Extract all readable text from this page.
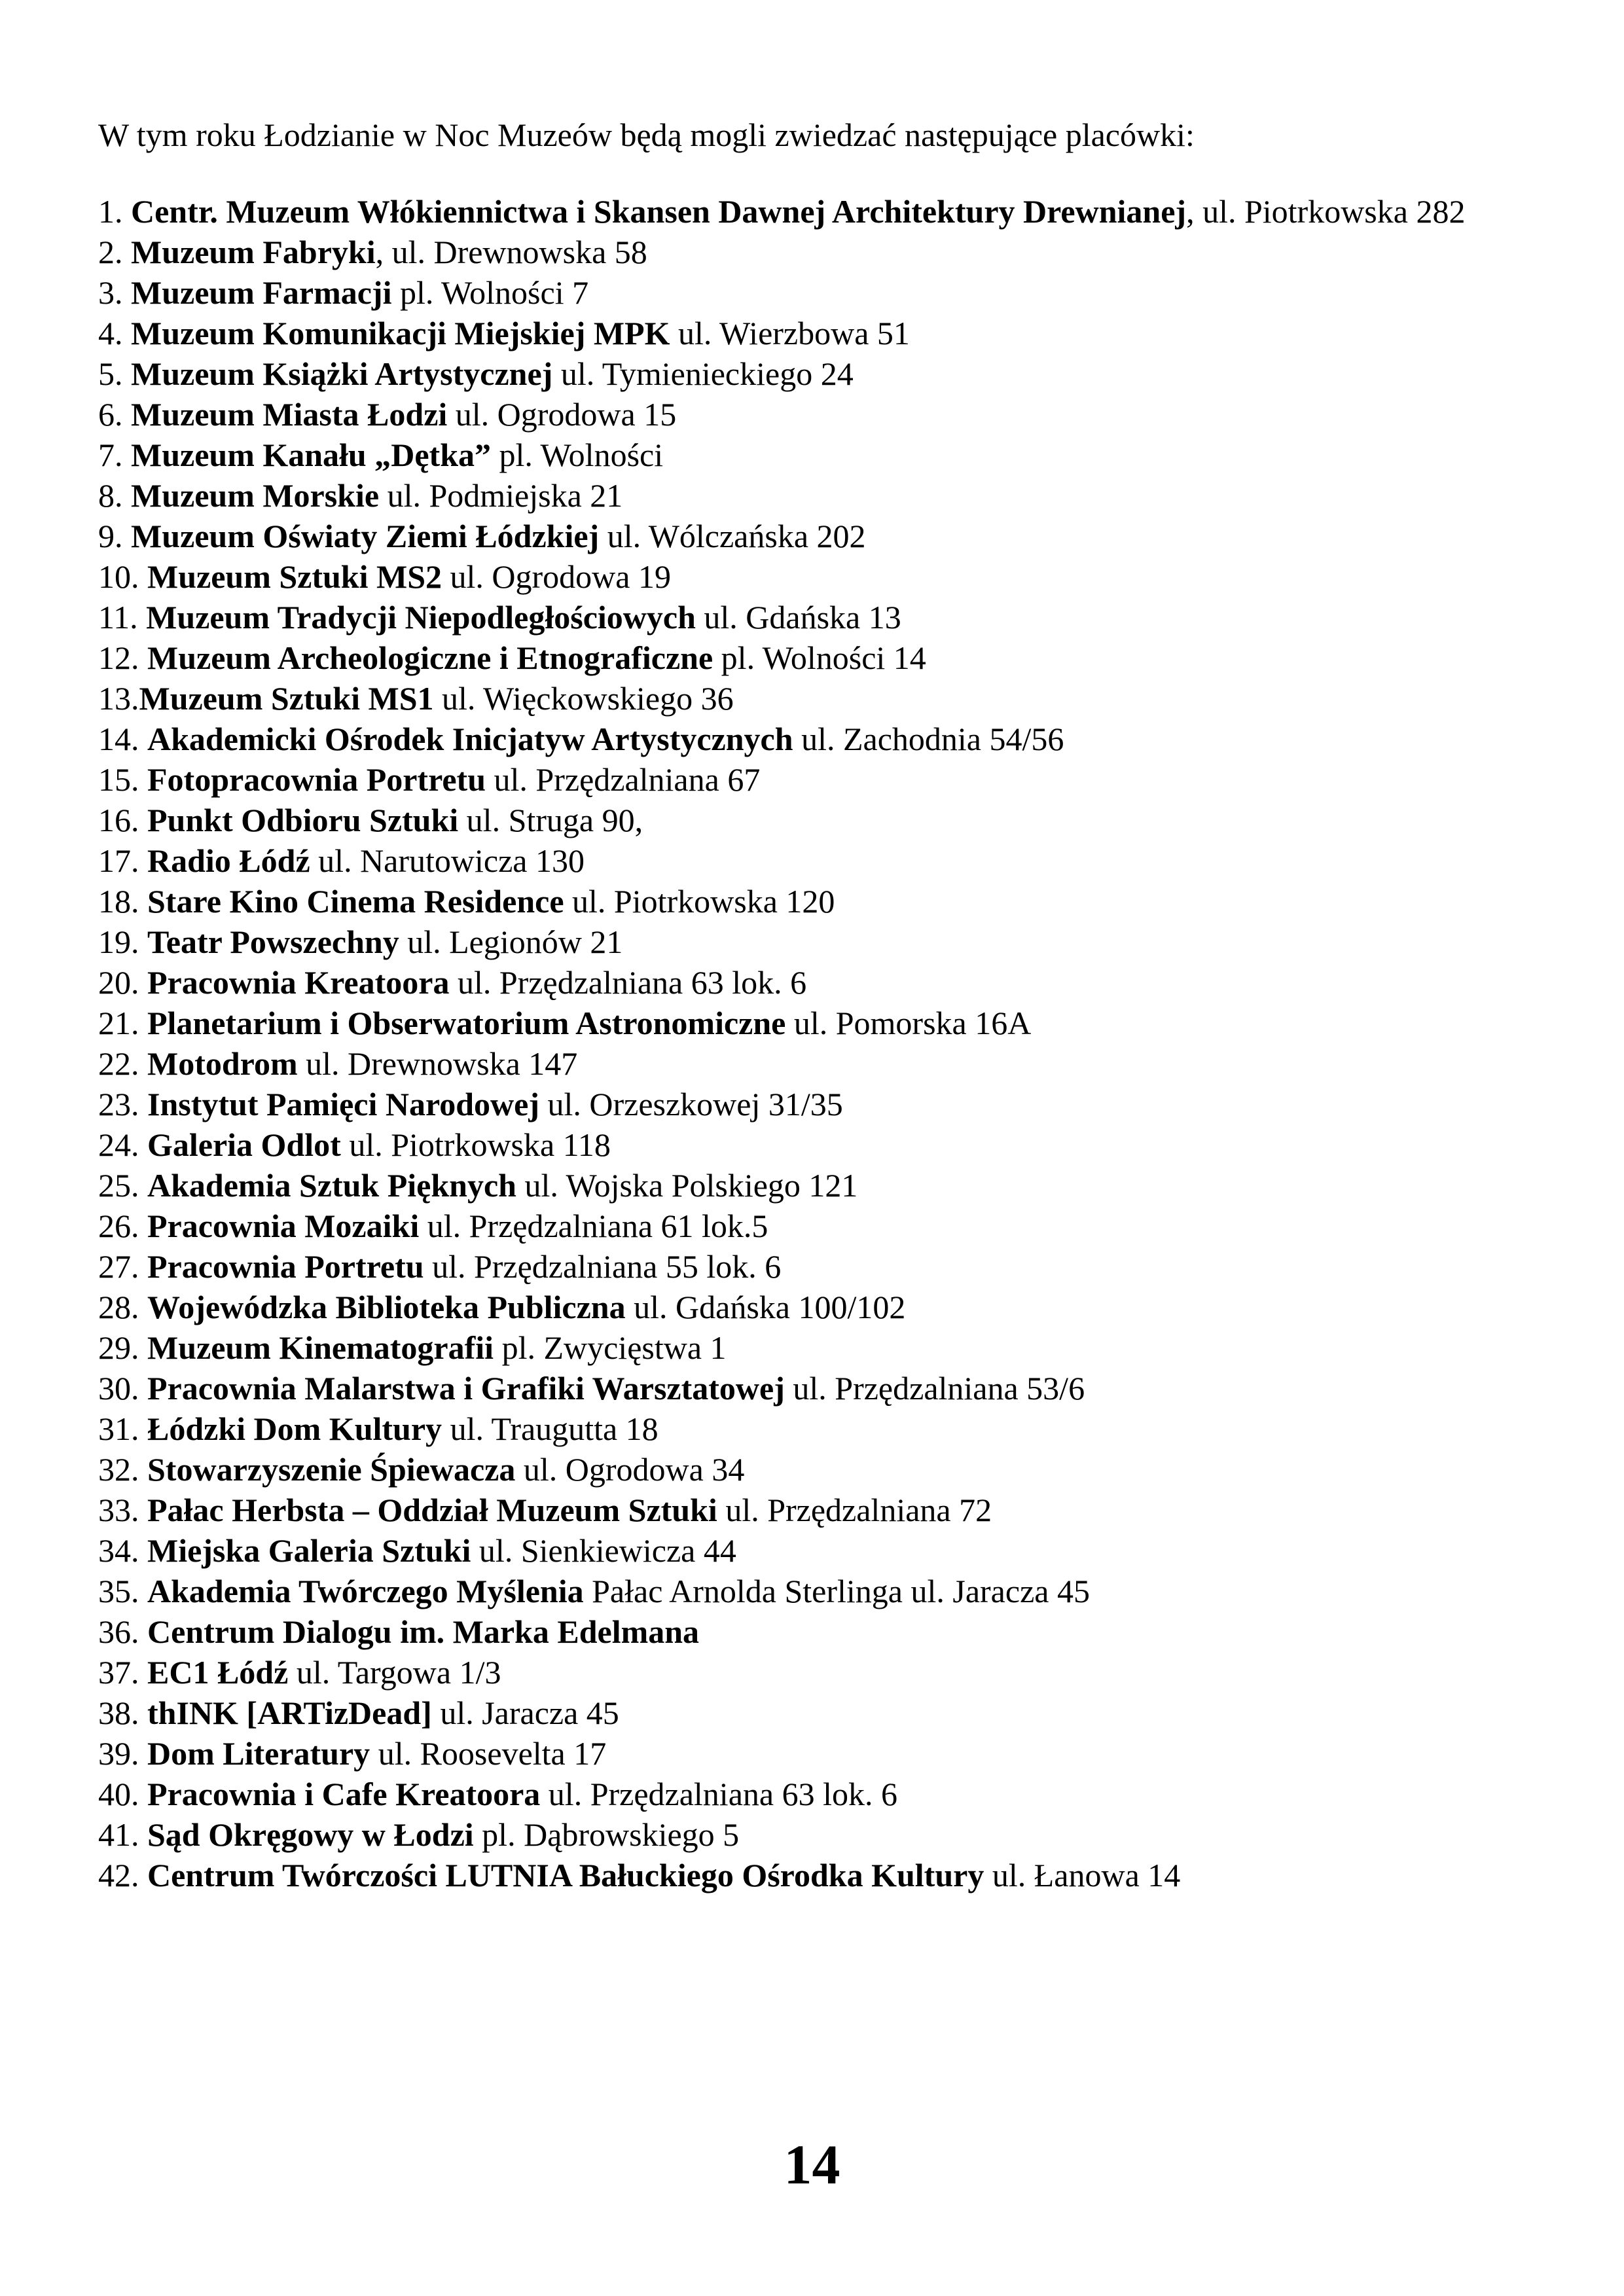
W tym roku Łodzianie w Noc Muzeów będą mogli zwiedzać następujące placówki:

1. Centr. Muzeum Włókiennictwa i Skansen Dawnej Architektury Drewnianej, ul. Piotrkowska 282
2. Muzeum Fabryki, ul. Drewnowska 58
3. Muzeum Farmacji pl. Wolności 7
4. Muzeum Komunikacji Miejskiej MPK ul. Wierzbowa 51
5. Muzeum Książki Artystycznej ul. Tymienieckiego 24
6. Muzeum Miasta Łodzi ul. Ogrodowa 15
7. Muzeum Kanału „Dętka” pl. Wolności
8. Muzeum Morskie ul. Podmiejska 21
9. Muzeum Oświaty Ziemi Łódzkiej ul. Wólczańska 202
10. Muzeum Sztuki MS2 ul. Ogrodowa 19
11. Muzeum Tradycji Niepodległościowych ul. Gdańska 13
12. Muzeum Archeologiczne i Etnograficzne pl. Wolności 14
13.Muzeum Sztuki MS1 ul. Więckowskiego 36
14. Akademicki Ośrodek Inicjatyw Artystycznych ul. Zachodnia 54/56
15. Fotopracownia Portretu ul. Przędzalniana 67
16. Punkt Odbioru Sztuki ul. Struga 90,
17. Radio Łódź ul. Narutowicza 130
18. Stare Kino Cinema Residence ul. Piotrkowska 120
19. Teatr Powszechny ul. Legionów 21
20. Pracownia Kreatoora ul. Przędzalniana 63 lok. 6
21. Planetarium i Obserwatorium Astronomiczne ul. Pomorska 16A
22. Motodrom ul. Drewnowska 147
23. Instytut Pamięci Narodowej ul. Orzeszkowej 31/35
24. Galeria Odlot ul. Piotrkowska 118
25. Akademia Sztuk Pięknych ul. Wojska Polskiego 121
26. Pracownia Mozaiki ul. Przędzalniana 61 lok.5
27. Pracownia Portretu ul. Przędzalniana 55 lok. 6
28. Wojewódzka Biblioteka Publiczna ul. Gdańska 100/102
29. Muzeum Kinematografii pl. Zwycięstwa 1
30. Pracownia Malarstwa i Grafiki Warsztatowej ul. Przędzalniana 53/6
31. Łódzki Dom Kultury ul. Traugutta 18
32. Stowarzyszenie Śpiewacza ul. Ogrodowa 34
33. Pałac Herbsta – Oddział Muzeum Sztuki ul. Przędzalniana 72
34. Miejska Galeria Sztuki ul. Sienkiewicza 44
35. Akademia Twórczego Myślenia Pałac Arnolda Sterlinga ul. Jaracza 45
36. Centrum Dialogu im. Marka Edelmana
37. EC1 Łódź ul. Targowa 1/3
38. thINK [ARTizDead] ul. Jaracza 45
39. Dom Literatury ul. Roosevelta 17
40. Pracownia i Cafe Kreatoora ul. Przędzalniana 63 lok. 6
41. Sąd Okręgowy w Łodzi pl. Dąbrowskiego 5
42. Centrum Twórczości LUTNIA Bałuckiego Ośrodka Kultury ul. Łanowa 14
14
